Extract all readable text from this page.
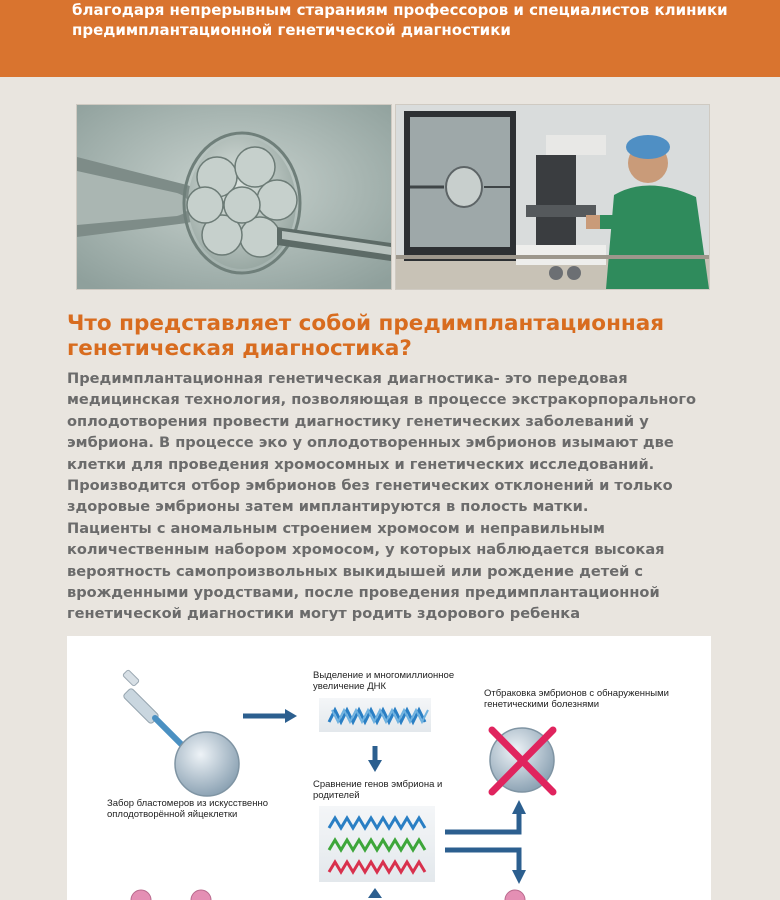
благодаря непрерывным стараниям профессоров и специалистов клиники
предимплантационной генетической диагностики
Что представляет собой предимплантационная генетическая диагностика?

Предимплантационная генетическая диагностика- это передовая медицинская технология, позволяющая в процессе экстракорпорального оплодотворения провести диагностику генетических заболеваний у эмбриона. В процессе эко у оплодотворенных эмбрионов изымают две клетки для проведения хромосомных и генетических исследований. Производится отбор эмбрионов без генетических отклонений и только здоровые эмбрионы затем имплантируются в полость матки.

Пациенты с аномальным строением хромосом и неправильным количественным набором хромосом, у которых наблюдается высокая вероятность самопроизвольных выкидышей или рождение детей с врожденными уродствами, после проведения предимплантационной генетической диагностики могут родить здорового ребенка

Забор бластомеров из искусственно оплодотворённой яйцеклетки
Выделение и многомиллионное увеличение ДНК
Сравнение генов эмбриона и родителей
Отбраковка эмбрионов с обнаруженными генетическими болезнями
